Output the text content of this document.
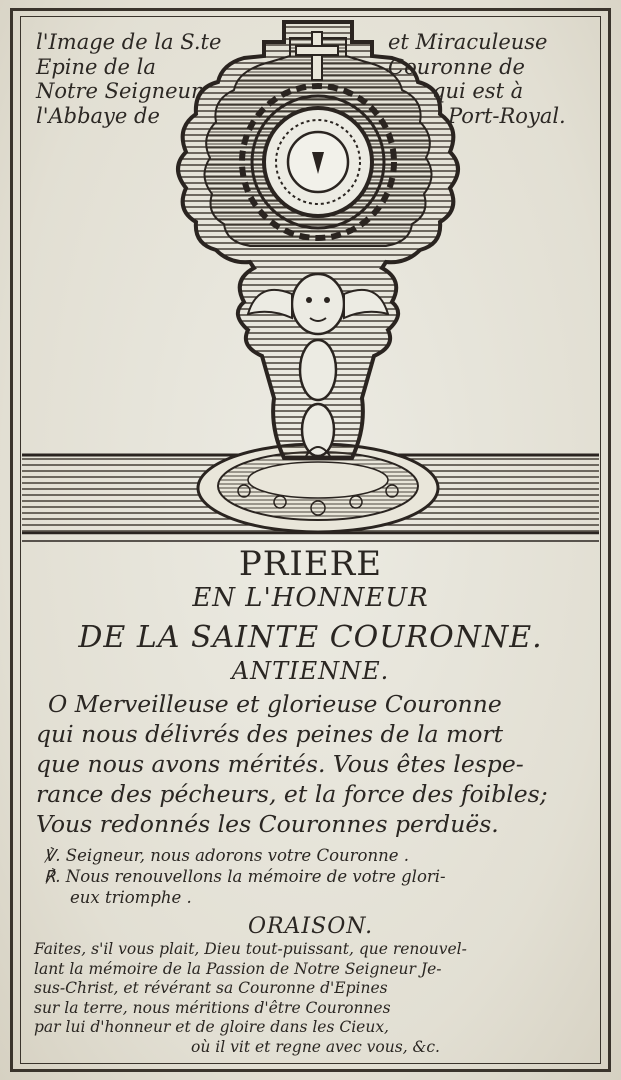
l'Image de la S.te
Epine de la
Notre Seigneur
l'Abbaye de
et Miraculeuse
Couronne de
qui est à
Port-Royal.
PRIERE
EN L'HONNEUR
DE LA SAINTE COURONNE.
ANTIENNE.
O Merveilleuse et glorieuse Couronne
qui nous délivrés des peines de la mort
que nous avons mérités. Vous êtes lespe-
rance des pécheurs, et la force des foibles;
Vous redonnés les Couronnes perduës.
℣. Seigneur, nous adorons votre Couronne .
℟. Nous renouvellons la mémoire de votre glori-
eux triomphe .
ORAISON.
Faites, s'il vous plait, Dieu tout-puissant, que renouvel-
lant la mémoire de la Passion de Notre Seigneur Je-
sus-Christ, et révérant sa Couronne d'Epines
sur la terre, nous méritions d'être Couronnes
par lui d'honneur et de gloire dans les Cieux,
où il vit et regne avec vous, &c.
